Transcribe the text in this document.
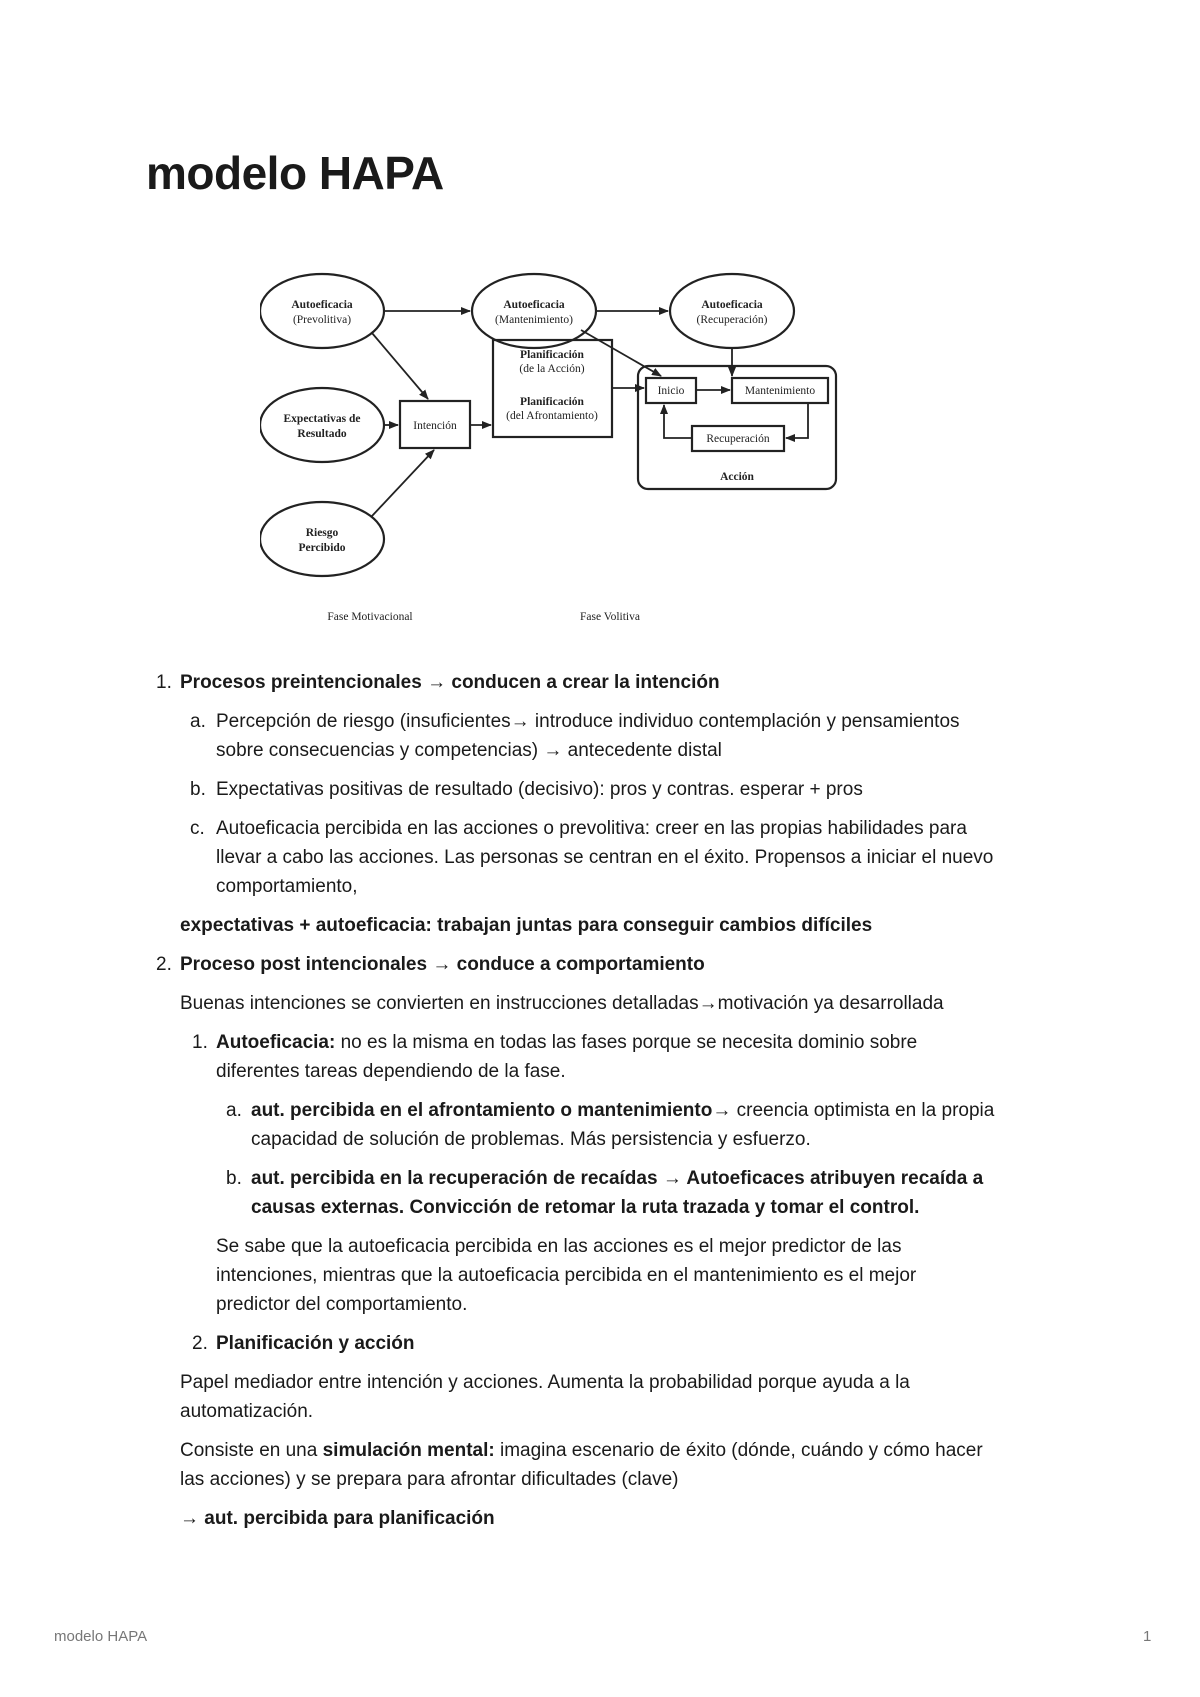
modelo HAPA
Autoeficacia
(Prevolitiva)
Autoeficacia
(Mantenimiento)
Autoeficacia
(Recuperación)
Expectativas de
Resultado
Riesgo
Percibido
Intención
Planificación
(de la Acción)
Planificación
(del Afrontamiento)
Inicio	Mantenimiento
Recuperación
Acción
Fase Motivacional	Fase Volitiva

1. Procesos preintencionales → conducen a crear la intención

a. Percepción de riesgo (insuficientes→ introduce individuo contemplación y pensamientos

sobre consecuencias y competencias) → antecedente distal

b. Expectativas positivas de resultado (decisivo): pros y contras. esperar + pros

c. Autoeficacia percibida en las acciones o prevolitiva: creer en las propias habilidades para

llevar a cabo las acciones. Las personas se centran en el éxito. Propensos a iniciar el nuevo

comportamiento,

expectativas + autoeficacia: trabajan juntas para conseguir cambios difíciles

2. Proceso post intencionales → conduce a comportamiento

Buenas intenciones se convierten en instrucciones detalladas→motivación ya desarrollada

1. Autoeficacia: no es la misma en todas las fases porque se necesita dominio sobre

diferentes tareas dependiendo de la fase.

a. aut. percibida en el afrontamiento o mantenimiento→ creencia optimista en la propia

capacidad de solución de problemas. Más persistencia y esfuerzo.

b. aut. percibida en la recuperación de recaídas → Autoeficaces atribuyen recaída a

causas externas. Convicción de retomar la ruta trazada y tomar el control.

Se sabe que la autoeficacia percibida en las acciones es el mejor predictor de las

intenciones, mientras que la autoeficacia percibida en el mantenimiento es el mejor

predictor del comportamiento.

2. Planificación y acción

Papel mediador entre intención y acciones. Aumenta la probabilidad porque ayuda a la

automatización.

Consiste en una simulación mental: imagina escenario de éxito (dónde, cuándo y cómo hacer

las acciones) y se prepara para afrontar dificultades (clave)

→ aut. percibida para planificación

modelo HAPA	1
